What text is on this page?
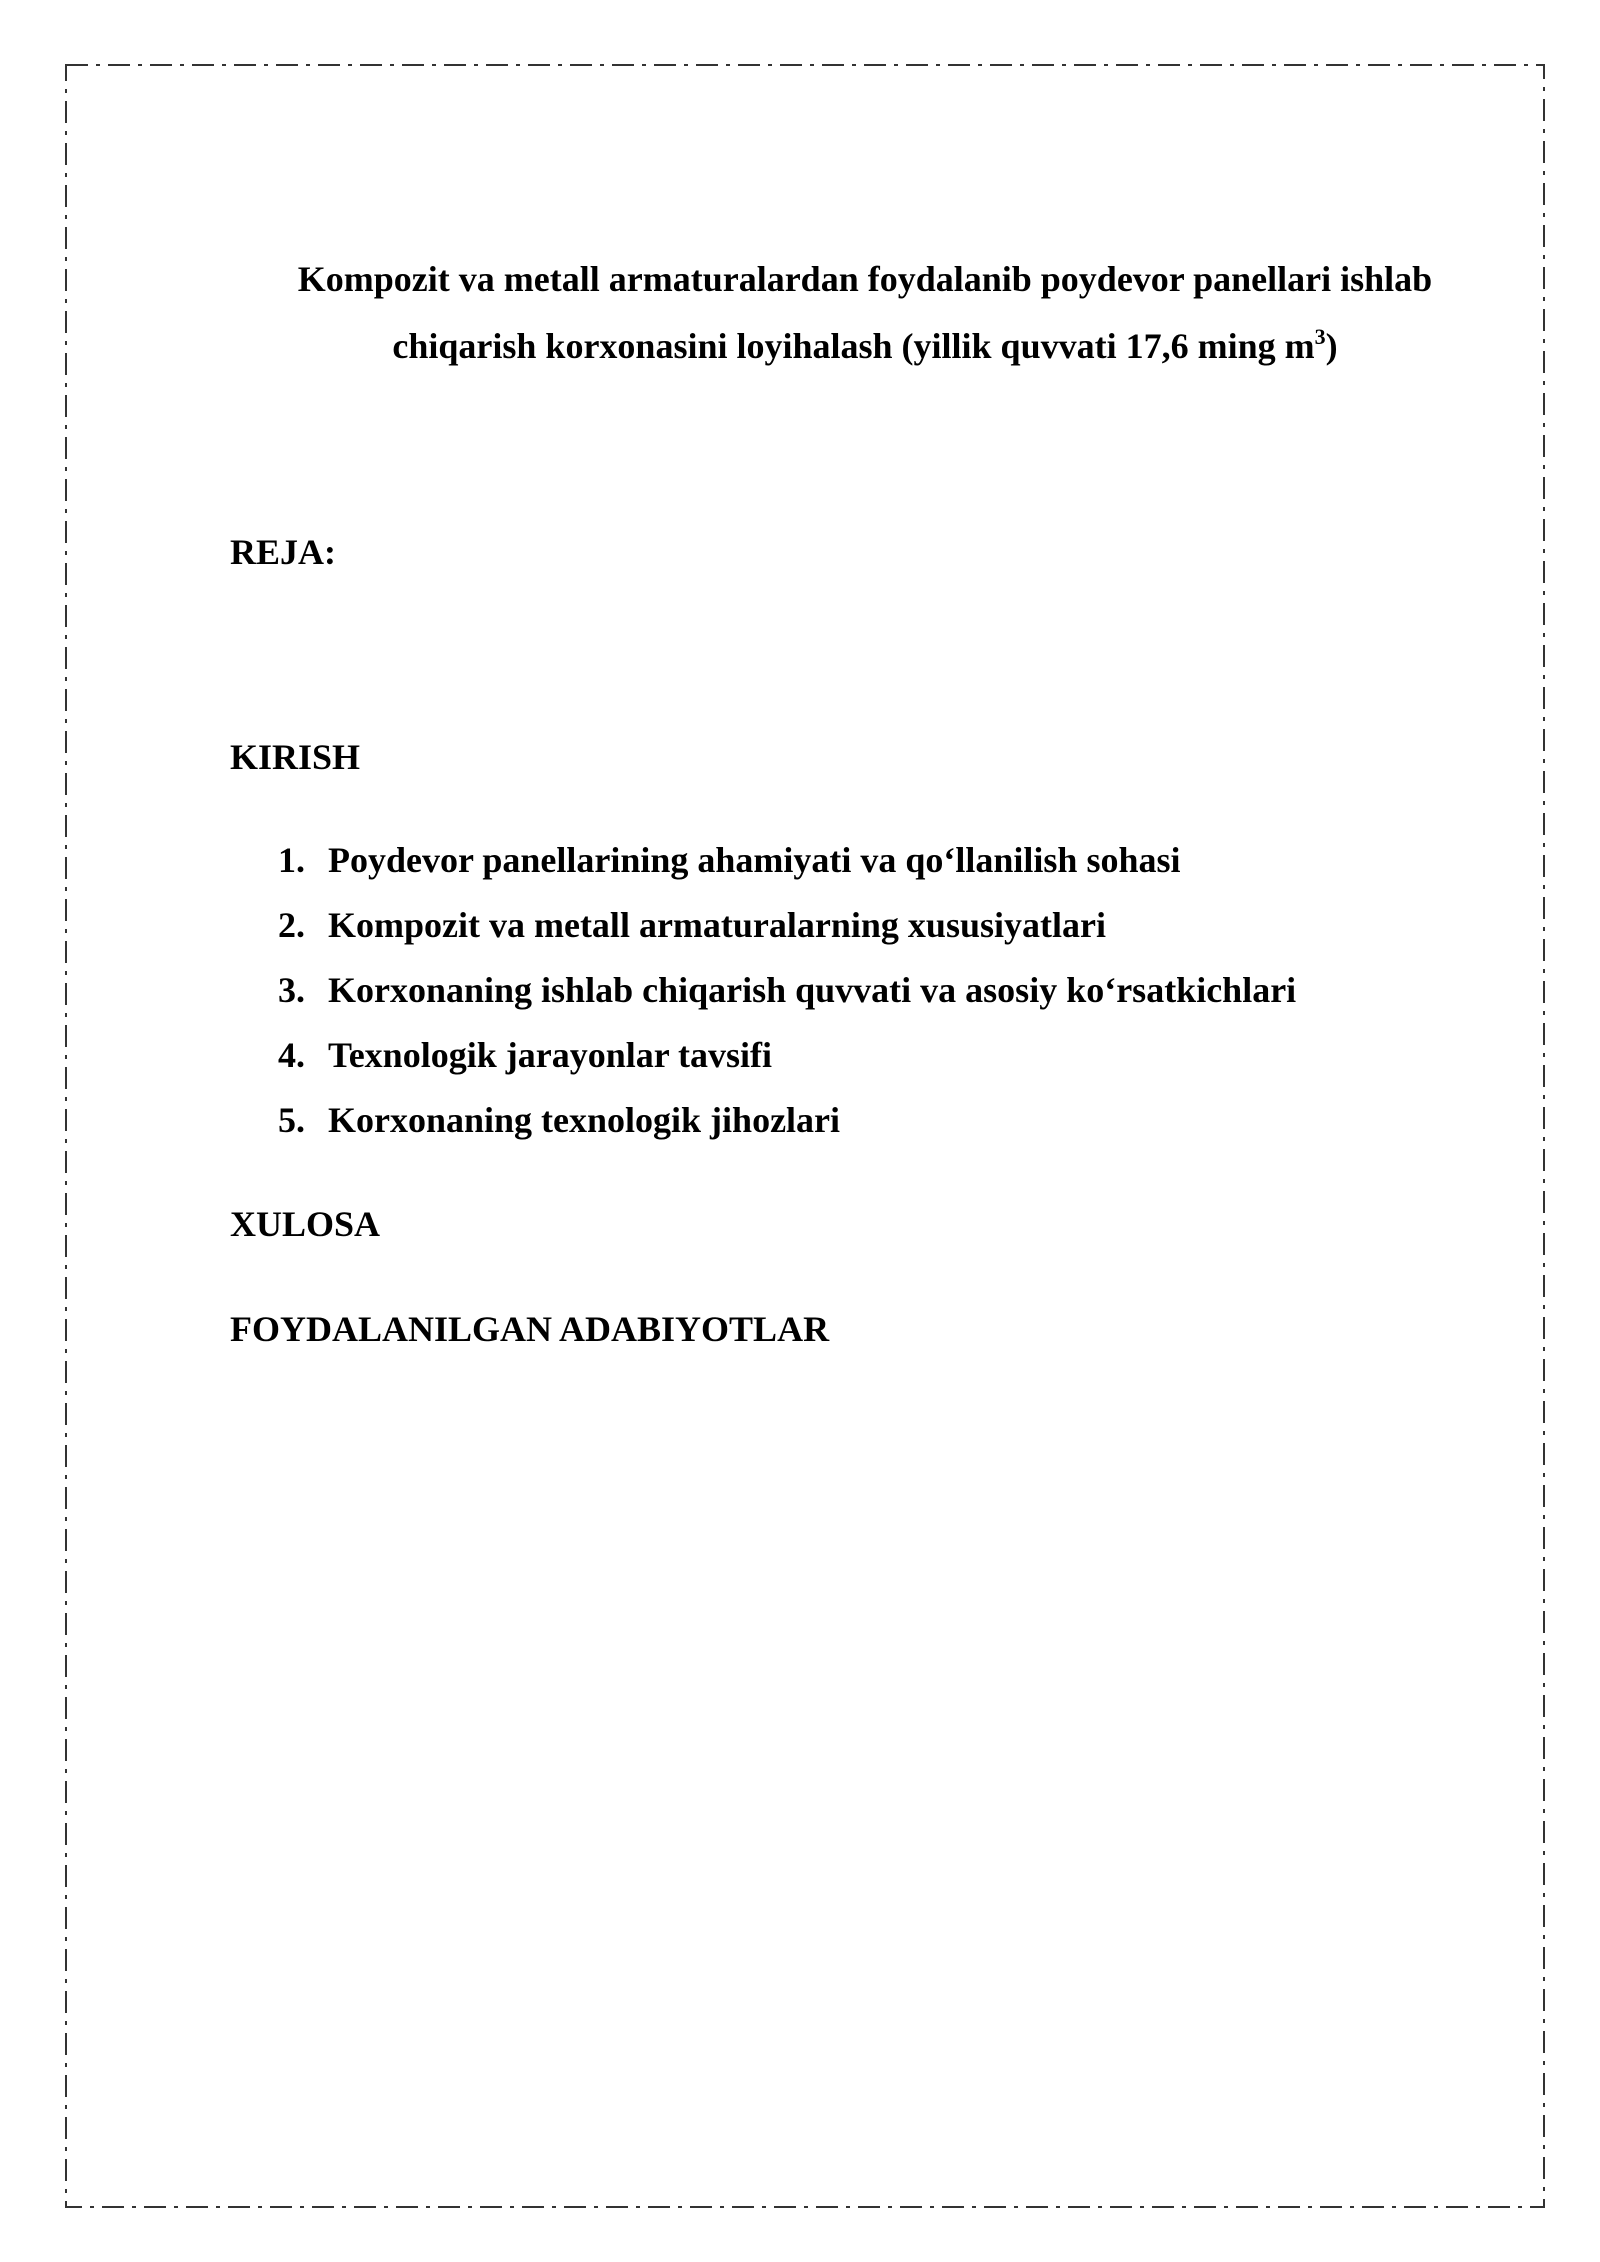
Kompozit va metall armaturalardan foydalanib poydevor panellari ishlab
chiqarish korxonasini loyihalash (yillik quvvati 17,6 ming $m^3$)

REJA:

KIRISH

1. Poydevor panellarining ahamiyati va qo‘llanilish sohasi
2. Kompozit va metall armaturalarning xususiyatlari
3. Korxonaning ishlab chiqarish quvvati va asosiy ko‘rsatkichlari
4. Texnologik jarayonlar tavsifi
5. Korxonaning texnologik jihozlari

XULOSA

FOYDALANILGAN ADABIYOTLAR
